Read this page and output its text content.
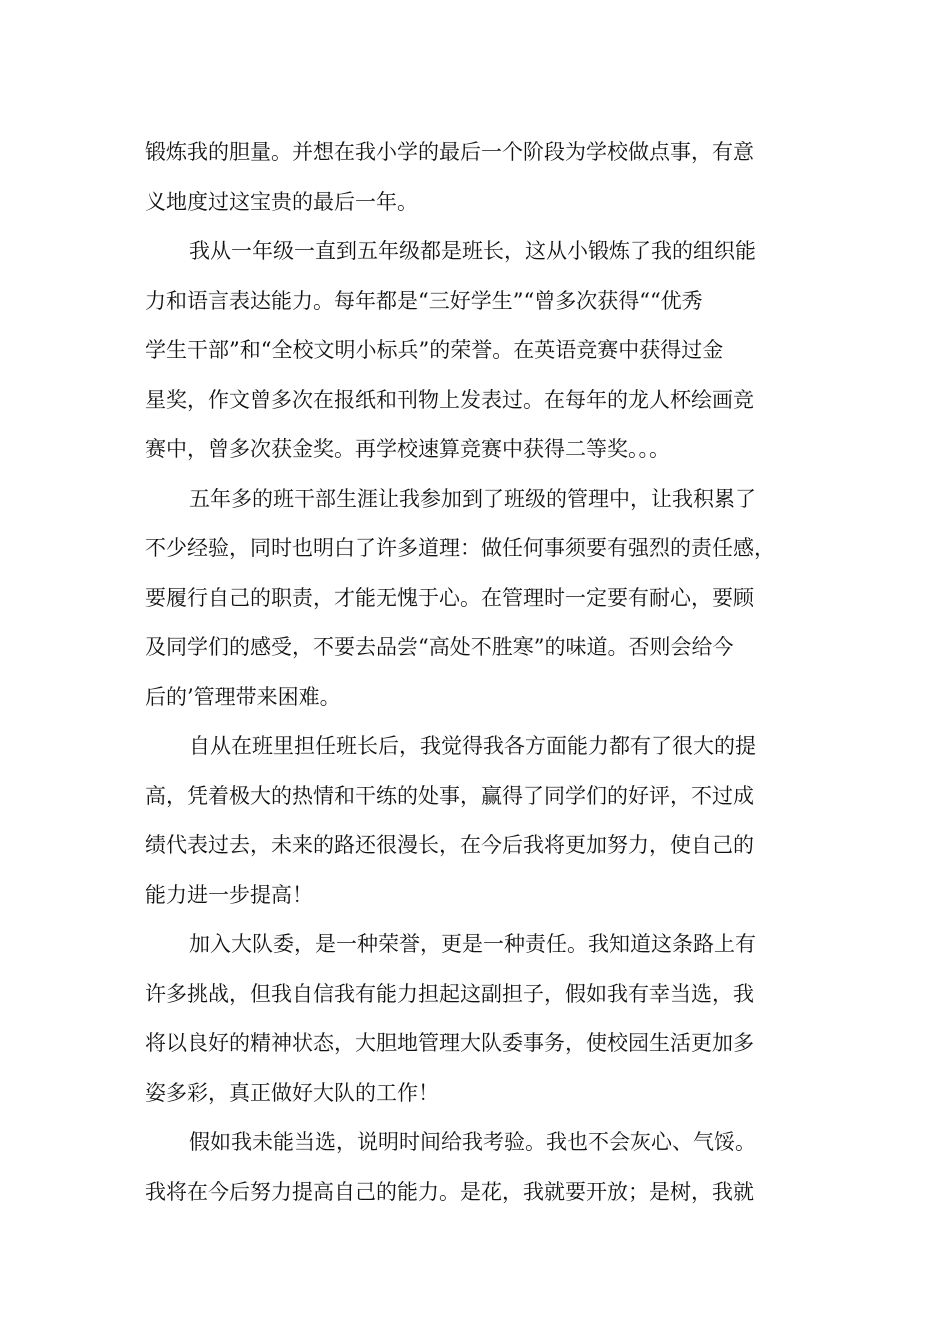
锻炼我的胆量。并想在我小学的最后一个阶段为学校做点事，有意
义地度过这宝贵的最后一年。
我从一年级一直到五年级都是班长，这从小锻炼了我的组织能
力和语言表达能力。每年都是“三好学生”“曾多次获得““优秀
学生干部”和“全校文明小标兵”的荣誉。在英语竞赛中获得过金
星奖，作文曾多次在报纸和刊物上发表过。在每年的龙人杯绘画竞
赛中，曾多次获金奖。再学校速算竞赛中获得二等奖。。。
五年多的班干部生涯让我参加到了班级的管理中，让我积累了
不少经验，同时也明白了许多道理：做任何事须要有强烈的责任感，
要履行自己的职责，才能无愧于心。在管理时一定要有耐心，要顾
及同学们的感受，不要去品尝“高处不胜寒”的味道。否则会给今
后的’管理带来困难。
自从在班里担任班长后，我觉得我各方面能力都有了很大的提
高，凭着极大的热情和干练的处事，赢得了同学们的好评，不过成
绩代表过去，未来的路还很漫长，在今后我将更加努力，使自己的
能力进一步提高！
加入大队委，是一种荣誉，更是一种责任。我知道这条路上有
许多挑战，但我自信我有能力担起这副担子，假如我有幸当选，我
将以良好的精神状态，大胆地管理大队委事务，使校园生活更加多
姿多彩，真正做好大队的工作！
假如我未能当选，说明时间给我考验。我也不会灰心、气馁。
我将在今后努力提高自己的能力。是花，我就要开放；是树，我就
